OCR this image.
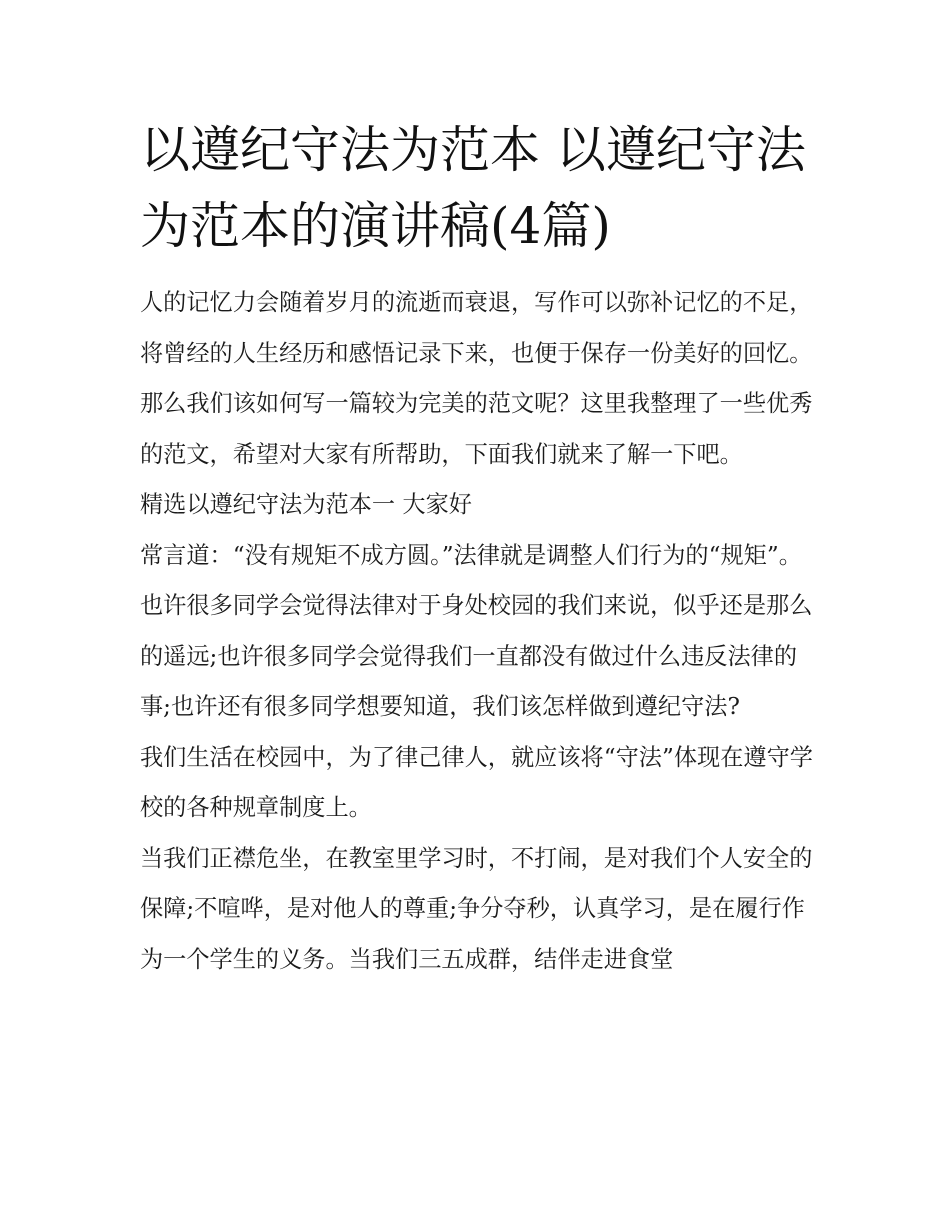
以遵纪守法为范本 以遵纪守法为范本的演讲稿(4篇)

人的记忆力会随着岁月的流逝而衰退，写作可以弥补记忆的不足，将曾经的人生经历和感悟记录下来，也便于保存一份美好的回忆。那么我们该如何写一篇较为完美的范文呢？这里我整理了一些优秀的范文，希望对大家有所帮助，下面我们就来了解一下吧。

精选以遵纪守法为范本一 大家好

常言道：“没有规矩不成方圆。”法律就是调整人们行为的“规矩”。也许很多同学会觉得法律对于身处校园的我们来说，似乎还是那么的遥远;也许很多同学会觉得我们一直都没有做过什么违反法律的事;也许还有很多同学想要知道，我们该怎样做到遵纪守法?

我们生活在校园中，为了律己律人，就应该将“守法”体现在遵守学校的各种规章制度上。

当我们正襟危坐，在教室里学习时，不打闹，是对我们个人安全的保障;不喧哗，是对他人的尊重;争分夺秒，认真学习，是在履行作为一个学生的义务。当我们三五成群，结伴走进食堂
